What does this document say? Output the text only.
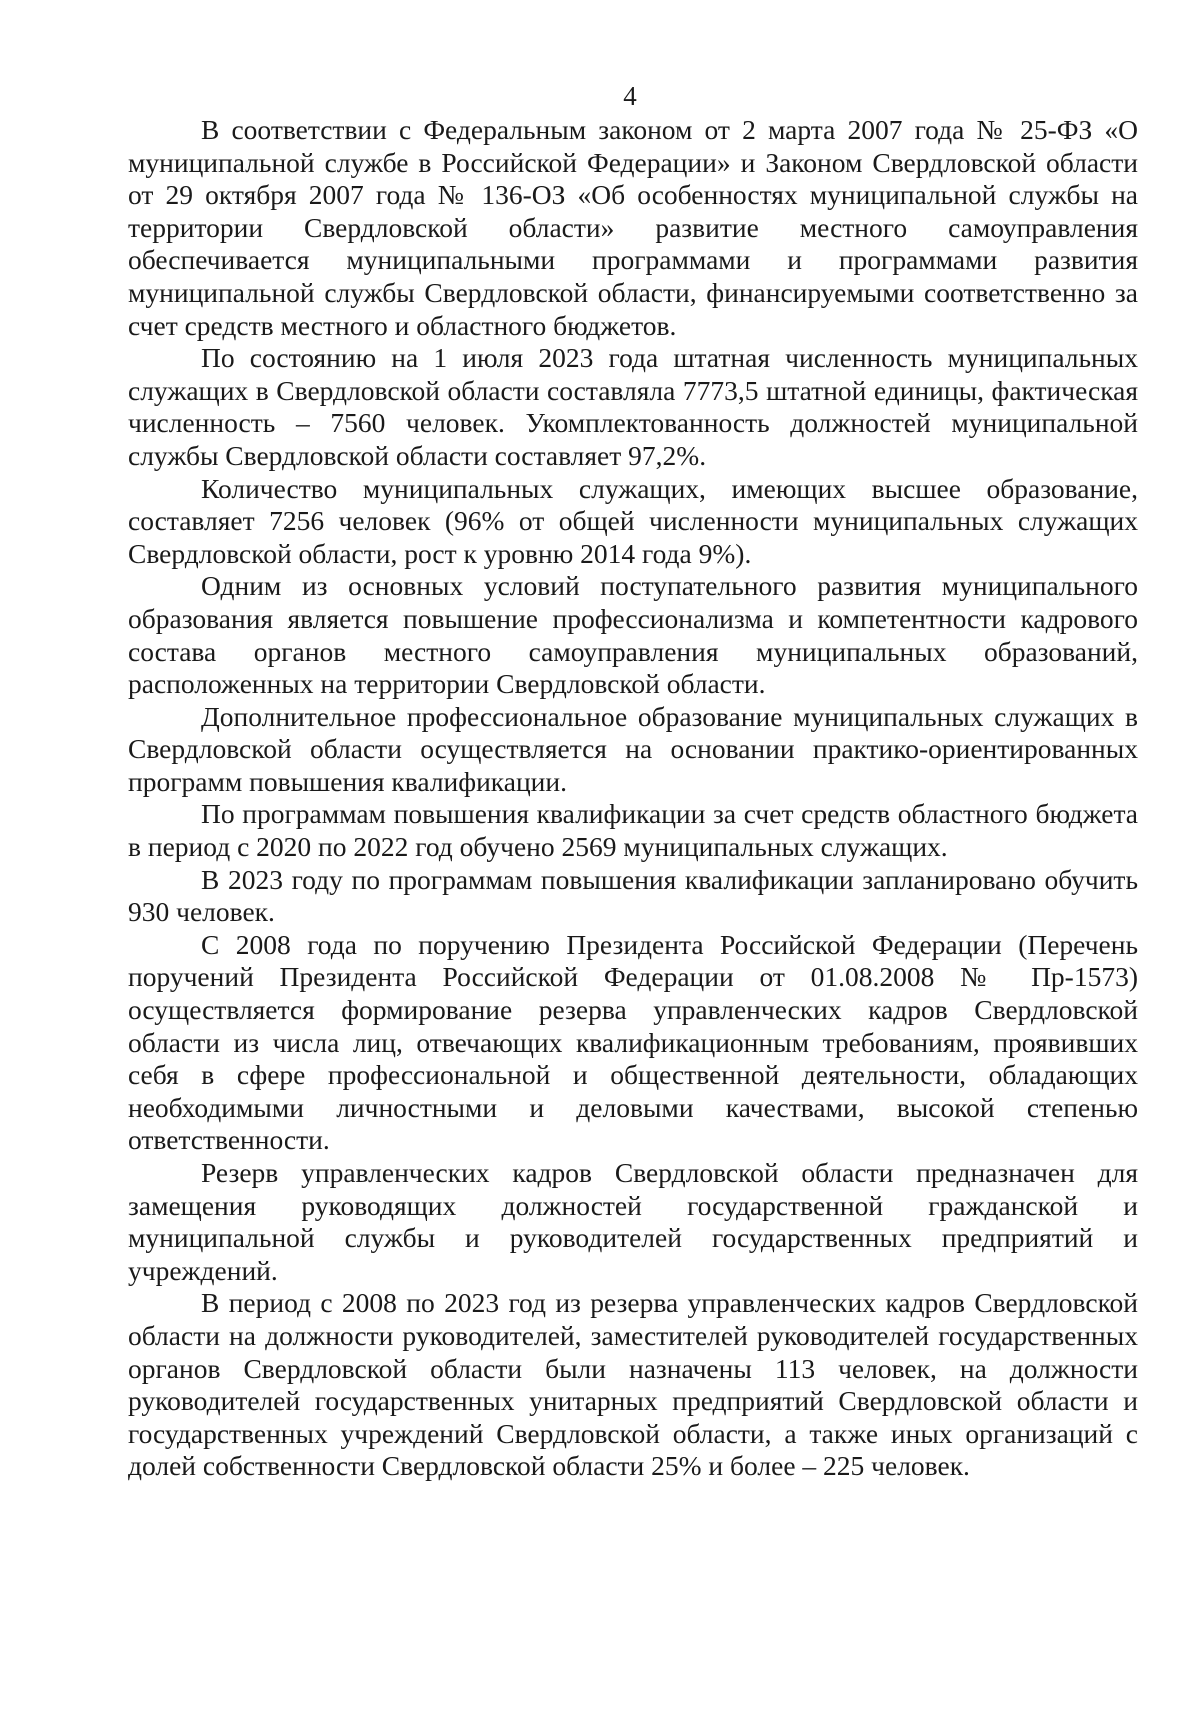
4

В соответствии с Федеральным законом от 2 марта 2007 года № 25-ФЗ «О муниципальной службе в Российской Федерации» и Законом Свердловской области от 29 октября 2007 года № 136-ОЗ «Об особенностях муниципальной службы на территории Свердловской области» развитие местного самоуправления обеспечивается муниципальными программами и программами развития муниципальной службы Свердловской области, финансируемыми соответственно за счет средств местного и областного бюджетов.

По состоянию на 1 июля 2023 года штатная численность муниципальных служащих в Свердловской области составляла 7773,5 штатной единицы, фактическая численность – 7560 человек. Укомплектованность должностей муниципальной службы Свердловской области составляет 97,2%.

Количество муниципальных служащих, имеющих высшее образование, составляет 7256 человек (96% от общей численности муниципальных служащих Свердловской области, рост к уровню 2014 года 9%).

Одним из основных условий поступательного развития муниципального образования является повышение профессионализма и компетентности кадрового состава органов местного самоуправления муниципальных образований, расположенных на территории Свердловской области.

Дополнительное профессиональное образование муниципальных служащих в Свердловской области осуществляется на основании практико-ориентированных программ повышения квалификации.

По программам повышения квалификации за счет средств областного бюджета в период с 2020 по 2022 год обучено 2569 муниципальных служащих.

В 2023 году по программам повышения квалификации запланировано обучить 930 человек.

С 2008 года по поручению Президента Российской Федерации (Перечень поручений Президента Российской Федерации от 01.08.2008 № Пр-1573) осуществляется формирование резерва управленческих кадров Свердловской области из числа лиц, отвечающих квалификационным требованиям, проявивших себя в сфере профессиональной и общественной деятельности, обладающих необходимыми личностными и деловыми качествами, высокой степенью ответственности.

Резерв управленческих кадров Свердловской области предназначен для замещения руководящих должностей государственной гражданской и муниципальной службы и руководителей государственных предприятий и учреждений.

В период с 2008 по 2023 год из резерва управленческих кадров Свердловской области на должности руководителей, заместителей руководителей государственных органов Свердловской области были назначены 113 человек, на должности руководителей государственных унитарных предприятий Свердловской области и государственных учреждений Свердловской области, а также иных организаций с долей собственности Свердловской области 25% и более – 225 человек.
